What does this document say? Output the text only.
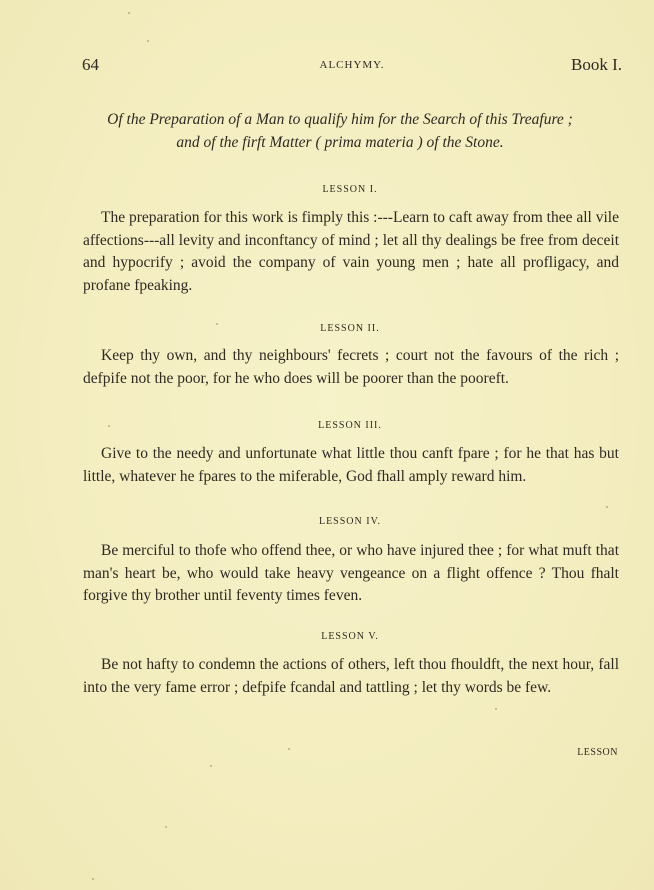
64	ALCHYMY.	Book I.
Of the Preparation of a Man to qualify him for the Search of this Treafure ;
and of the firft Matter ( prima materia ) of the Stone.
LESSON I.
The preparation for this work is fimply this :---Learn to caft away from thee all vile affections---all levity and inconftancy of mind ; let all thy dealings be free from deceit and hypocrify ; avoid the company of vain young men ; hate all profligacy, and profane fpeaking.
LESSON II.
Keep thy own, and thy neighbours' fecrets ; court not the favours of the rich ; defpife not the poor, for he who does will be poorer than the pooreft.
LESSON III.
Give to the needy and unfortunate what little thou canft fpare ; for he that has but little, whatever he fpares to the miferable, God fhall amply reward him.
LESSON IV.
Be merciful to thofe who offend thee, or who have injured thee ; for what muft that man's heart be, who would take heavy vengeance on a flight offence ? Thou fhalt forgive thy brother until feventy times feven.
LESSON V.
Be not hafty to condemn the actions of others, left thou fhouldft, the next hour, fall into the very fame error ; defpife fcandal and tattling ; let thy words be few.
LESSON
